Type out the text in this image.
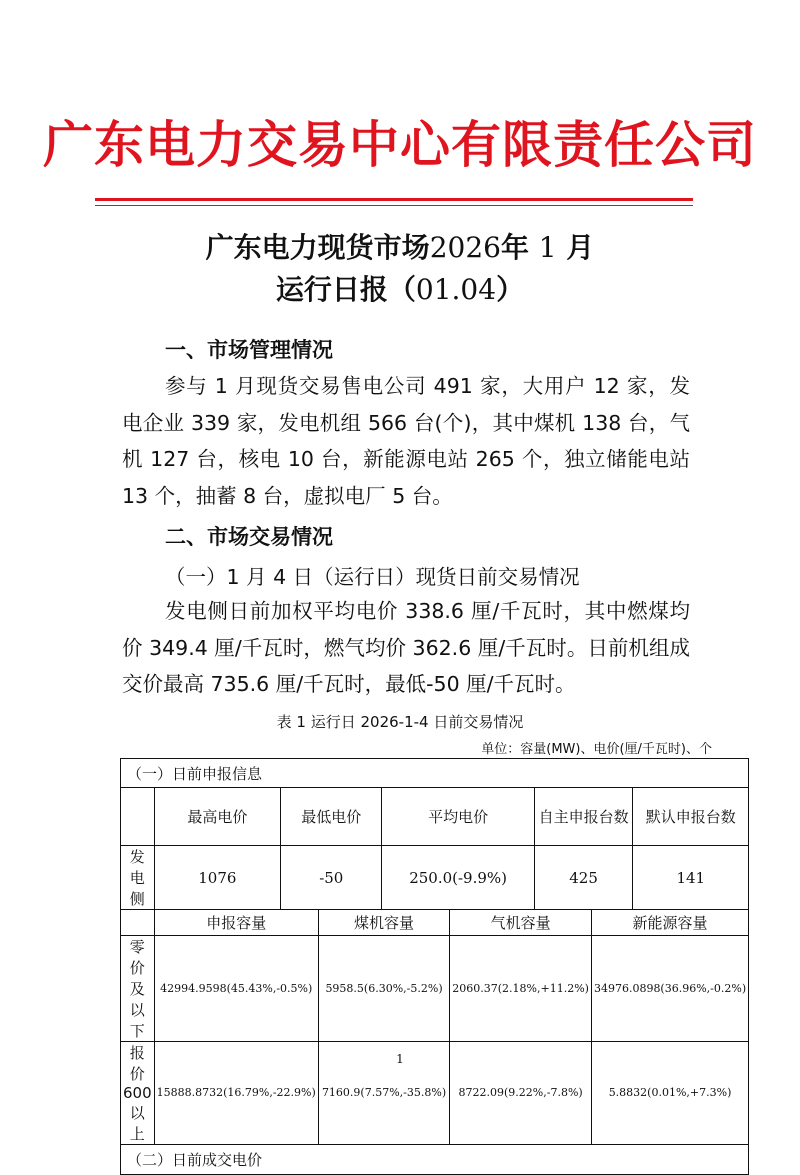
广东电力交易中心有限责任公司
广东电力现货市场2026年 1 月
运行日报（01.04）
一、市场管理情况
参与 1 月现货交易售电公司 491 家，大用户 12 家，发电企业 339 家，发电机组 566 台(个)，其中煤机 138 台，气机 127 台，核电 10 台，新能源电站 265 个，独立储能电站 13 个，抽蓄 8 台，虚拟电厂 5 台。
二、市场交易情况
（一）1 月 4 日（运行日）现货日前交易情况
发电侧日前加权平均电价 338.6 厘/千瓦时，其中燃煤均价 349.4 厘/千瓦时，燃气均价 362.6 厘/千瓦时。日前机组成交价最高 735.6 厘/千瓦时，最低-50 厘/千瓦时。
表 1 运行日 2026-1-4 日前交易情况
单位：容量(MW)、电价(厘/千瓦时)、个
（一）日前申报信息								
	最高电价	最低电价		平均电价		自主申报台数		默认申报台数
发电侧	1076	-50		250.0(-9.9%)		425		141
	申报容量		煤机容量		气机容量		新能源容量	
零价及以下	42994.9598(45.43%,-0.5%)		5958.5(6.30%,-5.2%)		2060.37(2.18%,+11.2%)		34976.0898(36.96%,-0.2%)	
报价 600 以上	15888.8732(16.79%,-22.9%)		7160.9(7.57%,-35.8%)		8722.09(9.22%,-7.8%)		5.8832(0.01%,+7.3%)	
（二）日前成交电价								
1
